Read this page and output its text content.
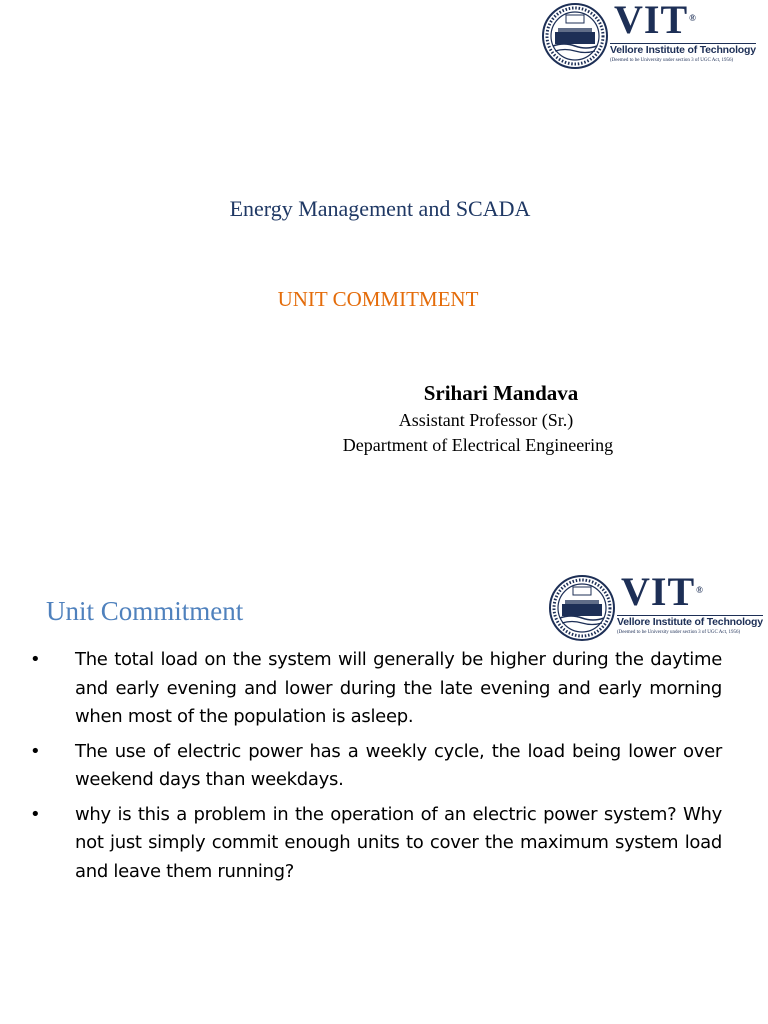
VIT®
Vellore Institute of Technology
(Deemed to be University under section 3 of UGC Act, 1956)
Energy Management and SCADA
UNIT COMMITMENT
Srihari Mandava
Assistant Professor (Sr.)
Department of Electrical Engineering
VIT®
Vellore Institute of Technology
(Deemed to be University under section 3 of UGC Act, 1956)
Unit Commitment
• The total load on the system will generally be higher during the daytime and early evening and lower during the late evening and early morning when most of the population is asleep.
• The use of electric power has a weekly cycle, the load being lower over weekend days than weekdays.
• why is this a problem in the operation of an electric power system? Why not just simply commit enough units to cover the maximum system load and leave them running?
